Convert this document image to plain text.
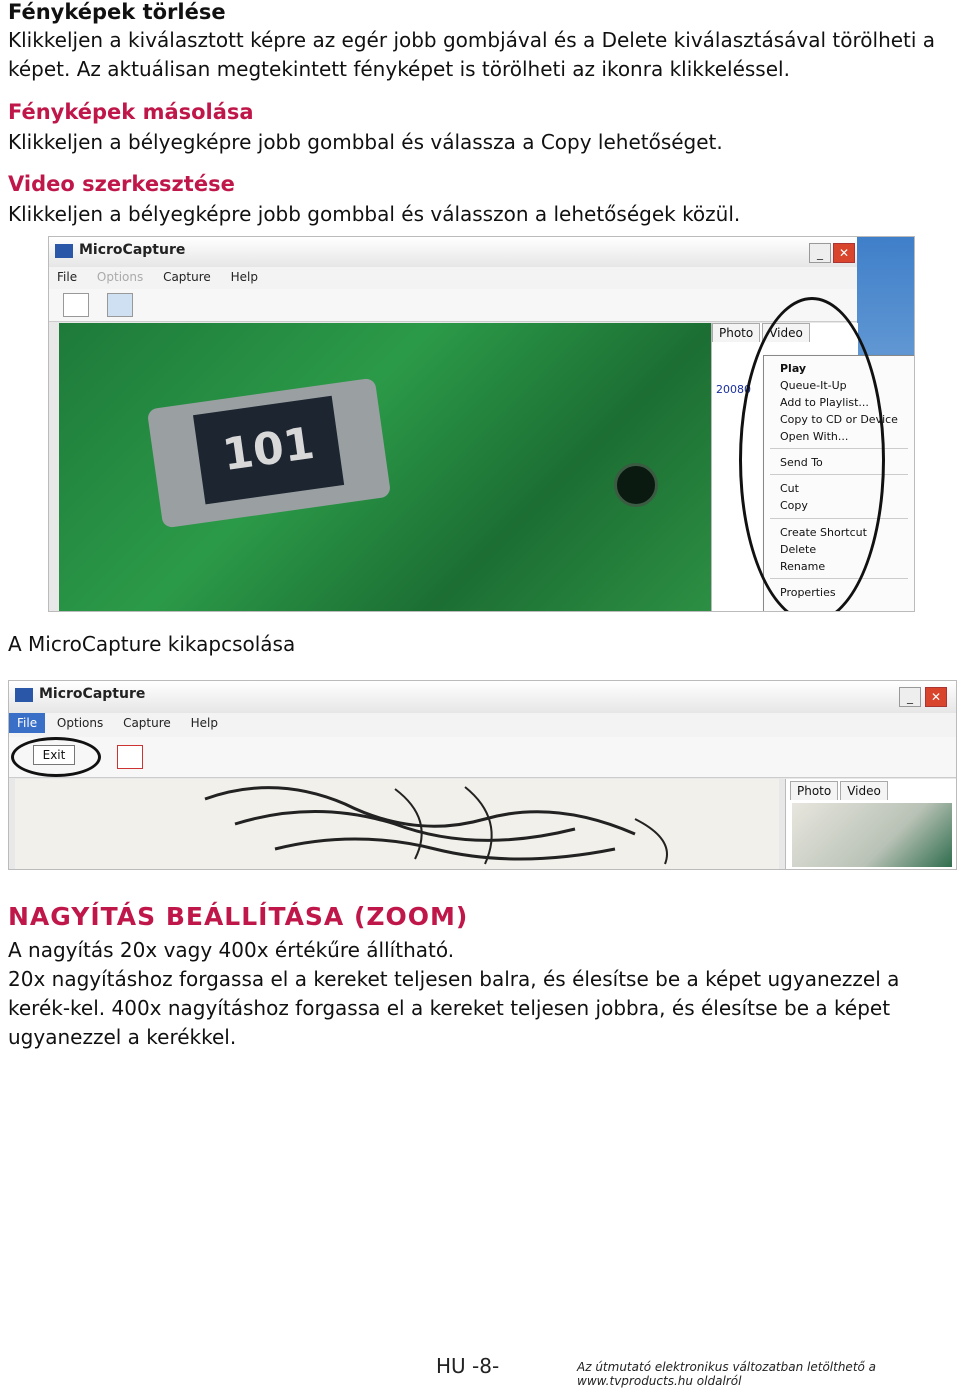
Fényképek törlése
Klikkeljen a kiválasztott képre az egér jobb gombjával és a Delete kiválasztásával törölheti a képet. Az aktuálisan megtekintett fényképet is törölheti az ikonra klikkeléssel.
Fényképek másolása
Klikkeljen a bélyegképre jobb gombbal és válassza a Copy lehetőséget.
Video szerkesztése
Klikkeljen a bélyegképre jobb gombbal és válasszon a lehetőségek közül.
MicroCapture	_	✕
File Options Capture Help
101
Photo Video
20080
Play
Queue-It-Up
Add to Playlist...
Copy to CD or Device
Open With...
Send To
Cut
Copy
Create Shortcut
Delete
Rename
Properties
A MicroCapture kikapcsolása
MicroCapture	_	✕
File Options Capture Help
Exit
Photo Video
NAGYÍTÁS BEÁLLÍTÁSA (ZOOM)
A nagyítás 20x vagy 400x értékűre állítható.
20x nagyításhoz forgassa el a kereket teljesen balra, és élesítse be a képet ugyanezzel a kerék-kel. 400x nagyításhoz forgassa el a kereket teljesen jobbra, és élesítse be a képet ugyanezzel a kerékkel.
HU -8-	Az útmutató elektronikus változatban letölthető a www.tvproducts.hu oldalról
